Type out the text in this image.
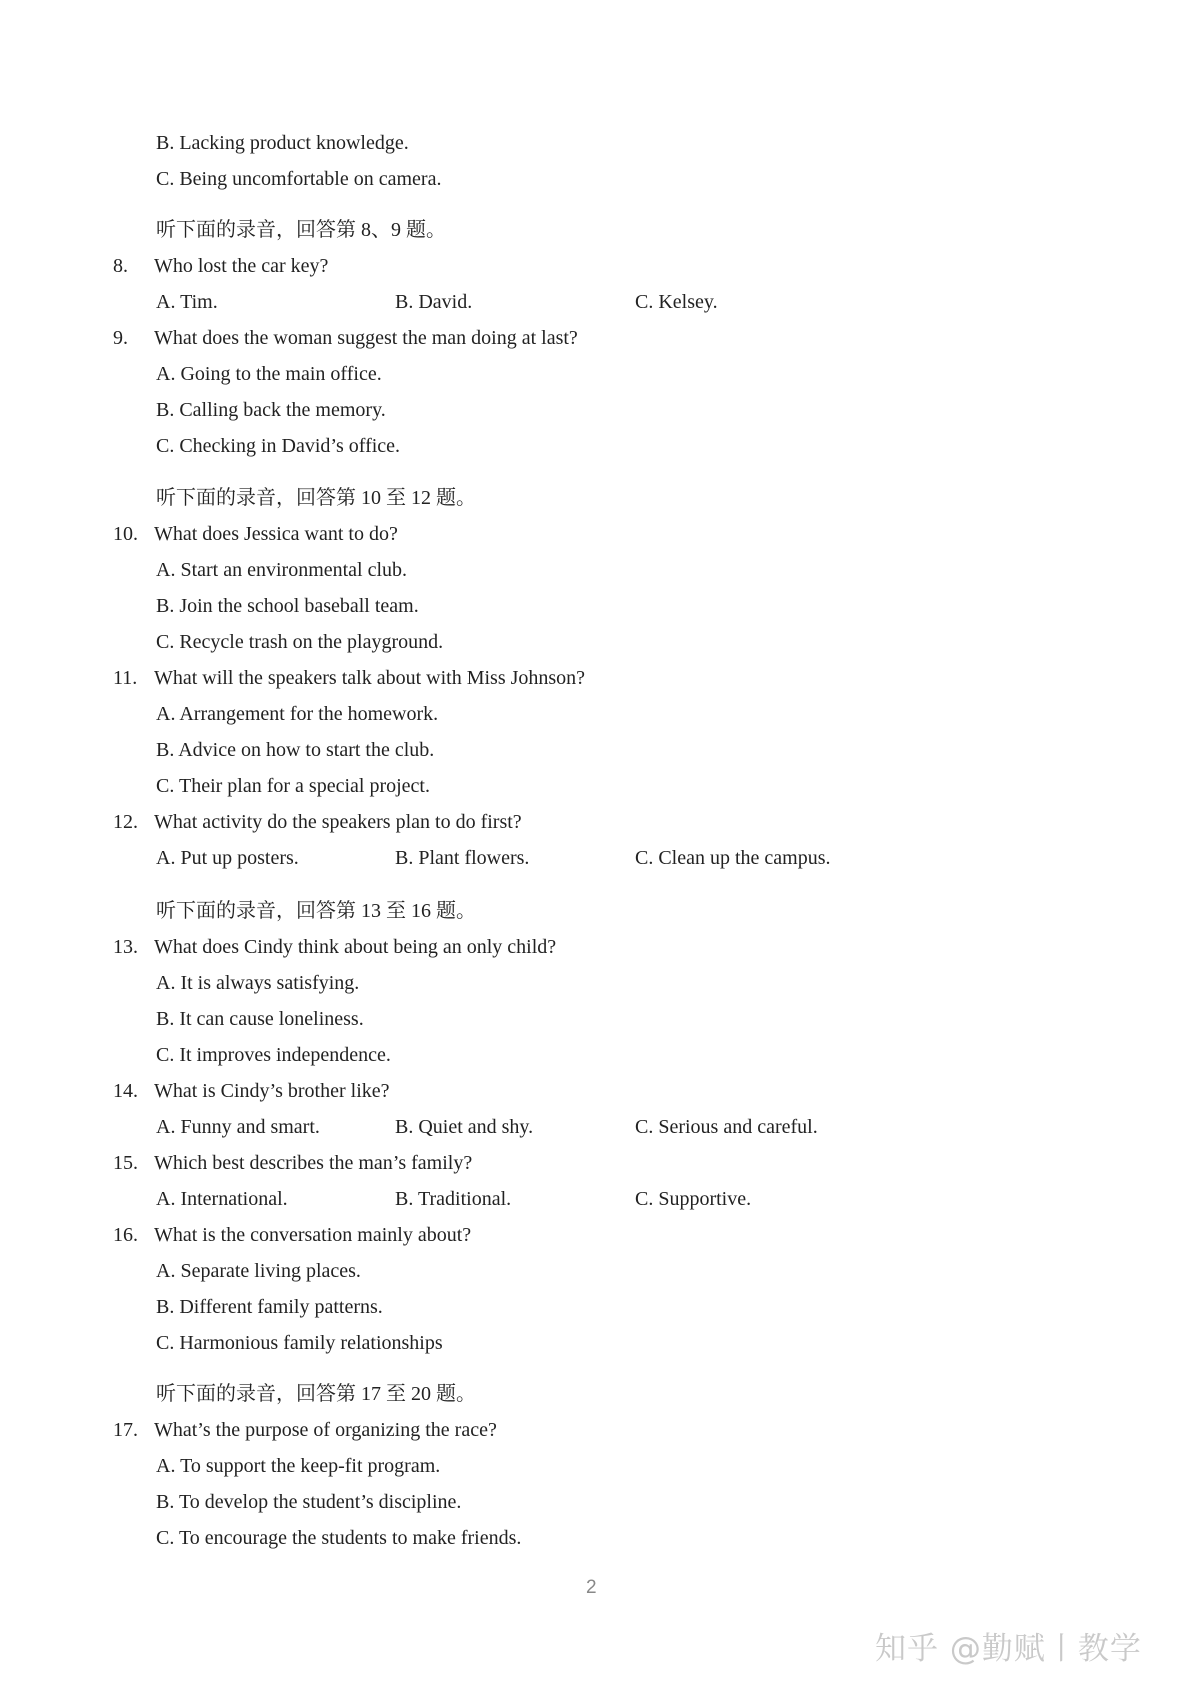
B. Lacking product knowledge.
C. Being uncomfortable on camera.
听下面的录音，回答第 8、9 题。
8. Who lost the car key?
A. Tim.	B. David.	C. Kelsey.
9. What does the woman suggest the man doing at last?
A. Going to the main office.
B. Calling back the memory.
C. Checking in David’s office.
听下面的录音，回答第 10 至 12 题。
10. What does Jessica want to do?
A. Start an environmental club.
B. Join the school baseball team.
C. Recycle trash on the playground.
11. What will the speakers talk about with Miss Johnson?
A. Arrangement for the homework.
B. Advice on how to start the club.
C. Their plan for a special project.
12. What activity do the speakers plan to do first?
A. Put up posters.	B. Plant flowers.	C. Clean up the campus.
听下面的录音，回答第 13 至 16 题。
13. What does Cindy think about being an only child?
A. It is always satisfying.
B. It can cause loneliness.
C. It improves independence.
14. What is Cindy’s brother like?
A. Funny and smart.	B. Quiet and shy.	C. Serious and careful.
15. Which best describes the man’s family?
A. International.	B. Traditional.	C. Supportive.
16. What is the conversation mainly about?
A. Separate living places.
B. Different family patterns.
C. Harmonious family relationships
听下面的录音，回答第 17 至 20 题。
17. What’s the purpose of organizing the race?
A. To support the keep-fit program.
B. To develop the student’s discipline.
C. To encourage the students to make friends.
2
知乎 @勤赋丨教学
